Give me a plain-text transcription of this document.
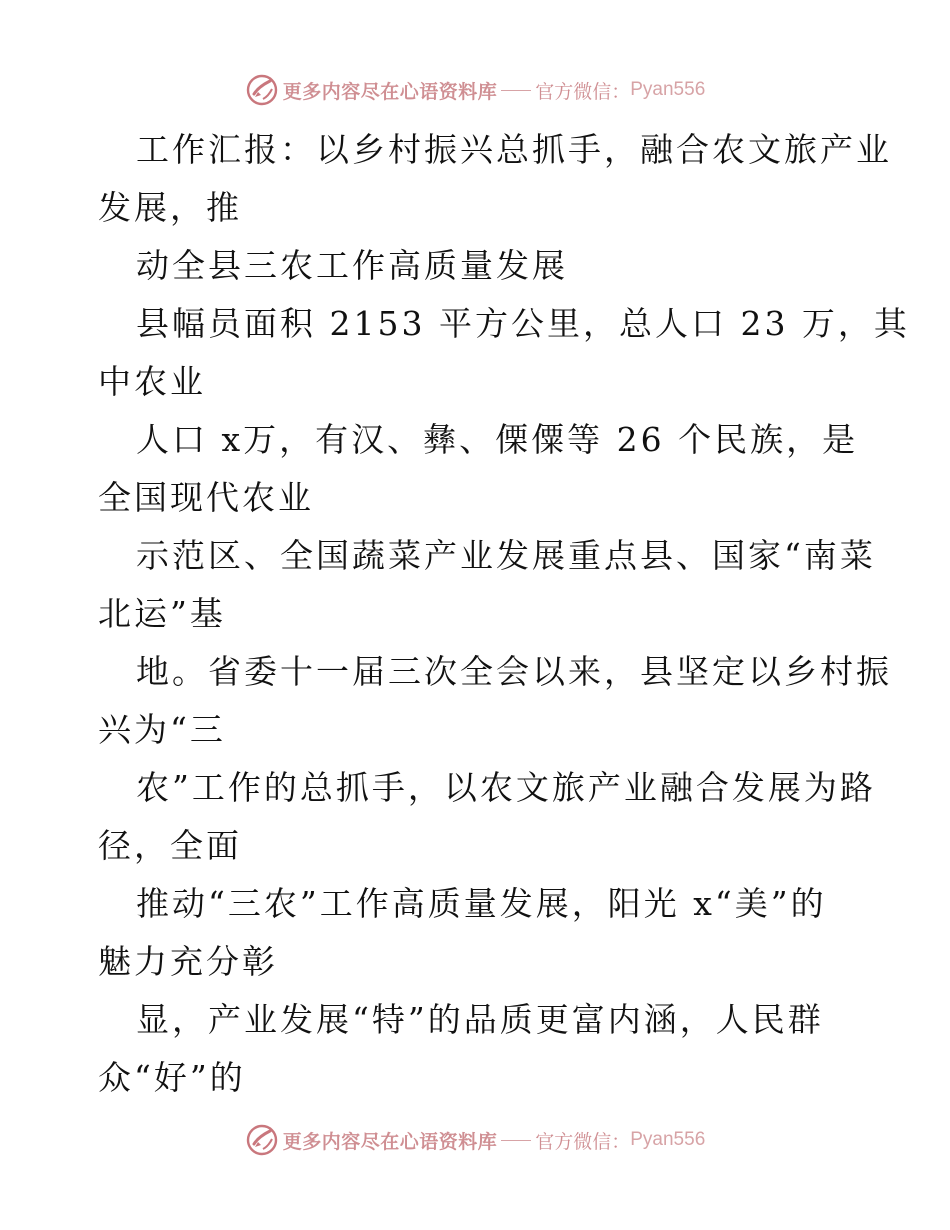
更多内容尽在心语资料库 官方微信： Pyan556
工作汇报：以乡村振兴总抓手，融合农文旅产业
发展，推
动全县三农工作高质量发展
县幅员面积 2153 平方公里，总人口 23 万，其
中农业
人口 x万，有汉、彝、傈僳等 26 个民族，是
全国现代农业
示范区、全国蔬菜产业发展重点县、国家“南菜
北运”基
地。省委十一届三次全会以来，县坚定以乡村振
兴为“三
农”工作的总抓手，以农文旅产业融合发展为路
径，全面
推动“三农”工作高质量发展，阳光 x“美”的
魅力充分彰
显，产业发展“特”的品质更富内涵，人民群
众“好”的
更多内容尽在心语资料库 官方微信： Pyan556
